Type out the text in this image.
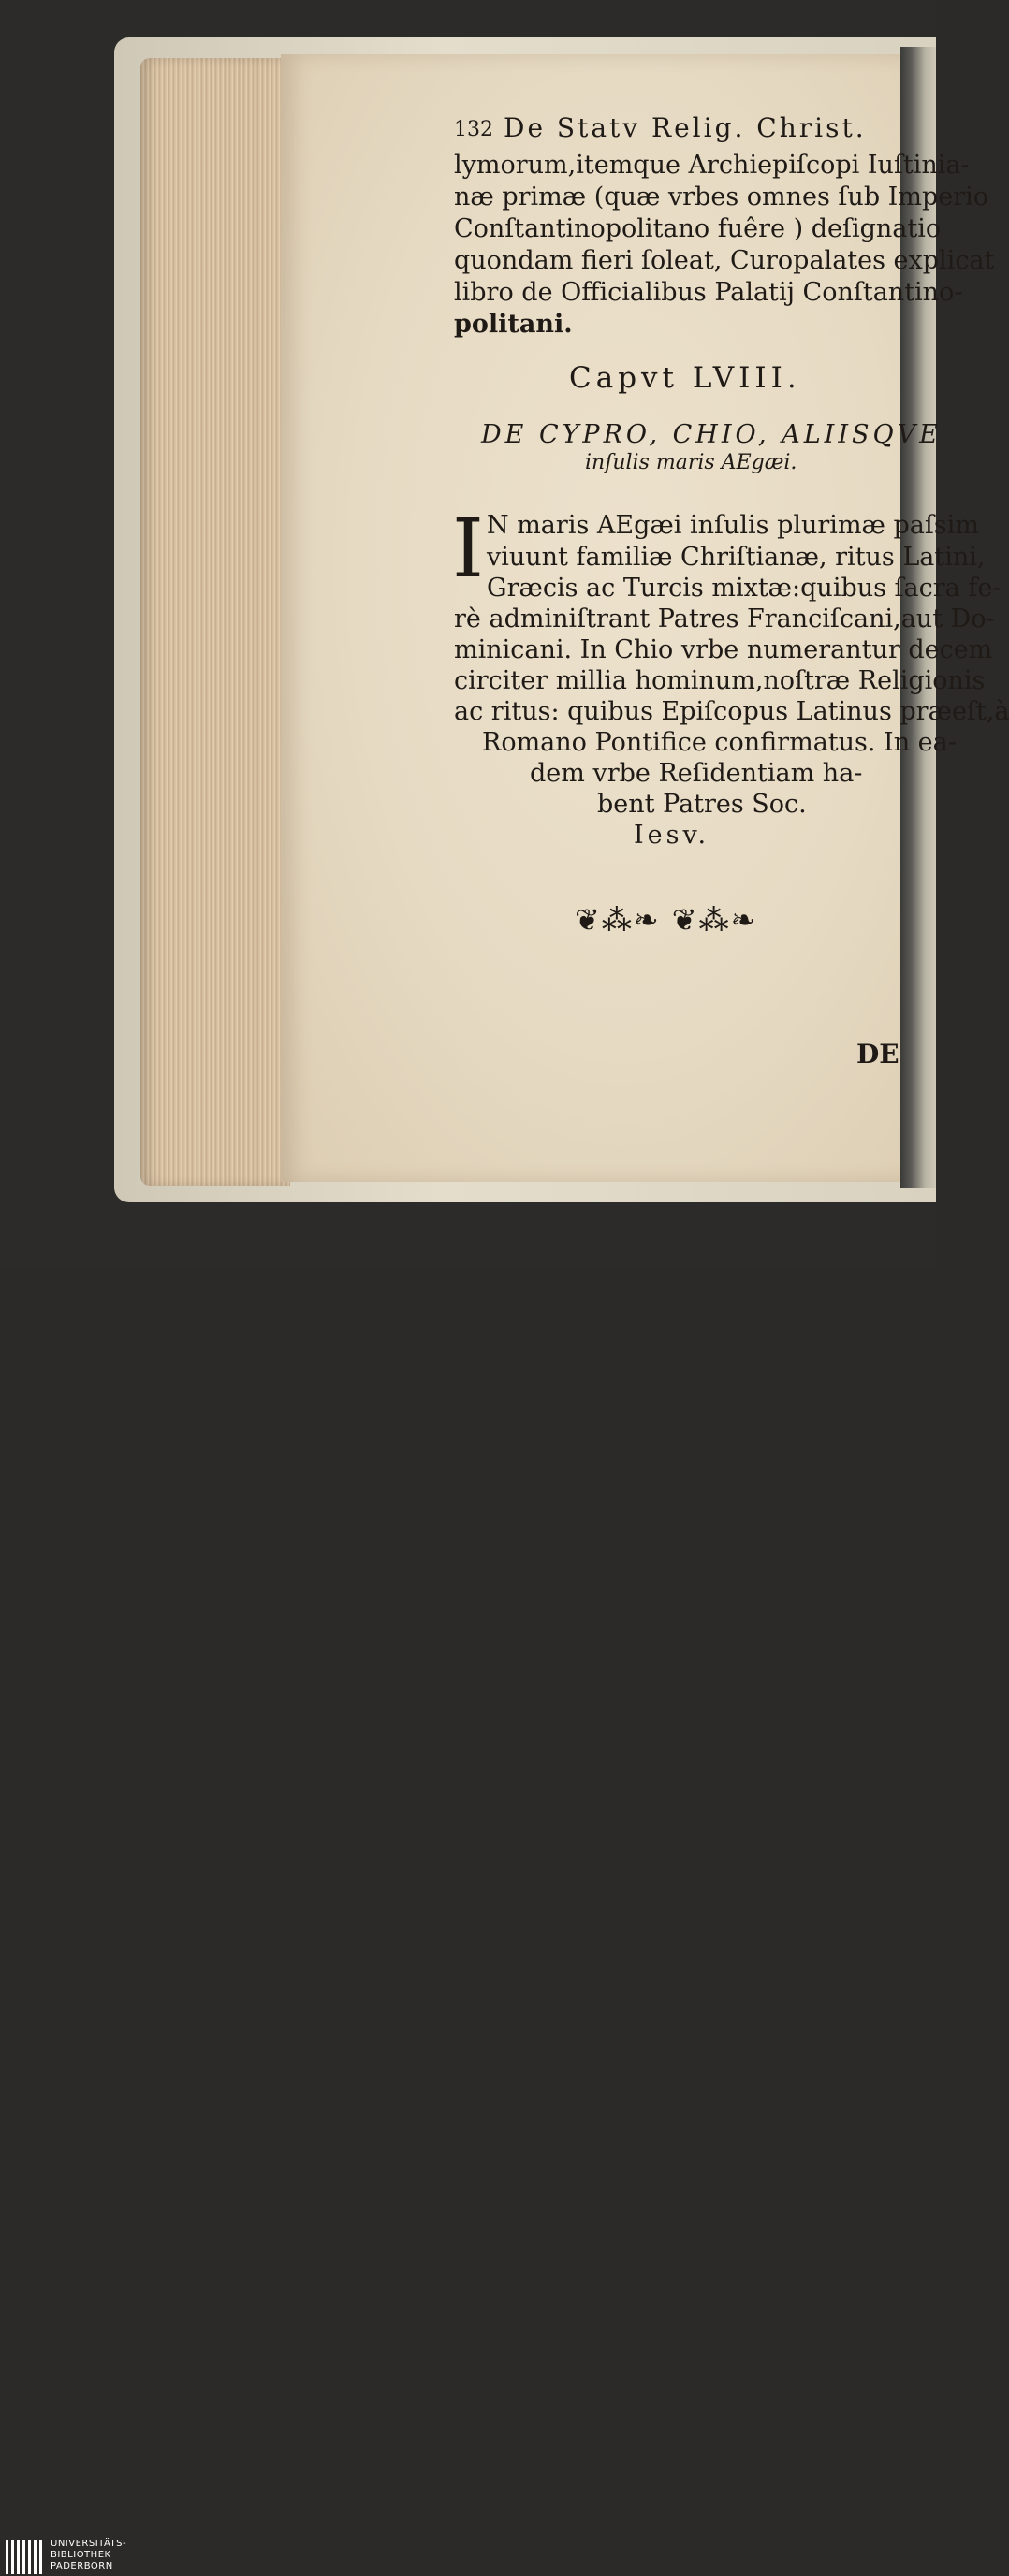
132 De Statv Relig. Christ.
lymorum,itemque Archiepiſcopi Iuſtinia-
næ primæ (quæ vrbes omnes ſub Imperio
Conſtantinopolitano fuêre ) deſignatio
quondam fieri ſoleat, Curopalates explicat
libro de Officialibus Palatij Conſtantino-
politani.
Capvt LVIII.
DE CYPRO, CHIO, ALIISQVE
inſulis maris AEgæi.
I N maris AEgæi inſulis plurimæ paſsim
viuunt familiæ Chriſtianæ, ritus Latini,
Græcis ac Turcis mixtæ:quibus ſacra fe-
rè adminiſtrant Patres Franciſcani,aut Do-
minicani. In Chio vrbe numerantur decem
circiter millia hominum,noſtræ Religionis
ac ritus: quibus Epiſcopus Latinus præeſt,à
Romano Pontifice confirmatus. In ea-
dem vrbe Reſidentiam ha-
bent Patres Soc.
Iesv.
❦⁂❧ ❦⁂❧
DE
UNIVERSITÄTS-
BIBLIOTHEK
PADERBORN
